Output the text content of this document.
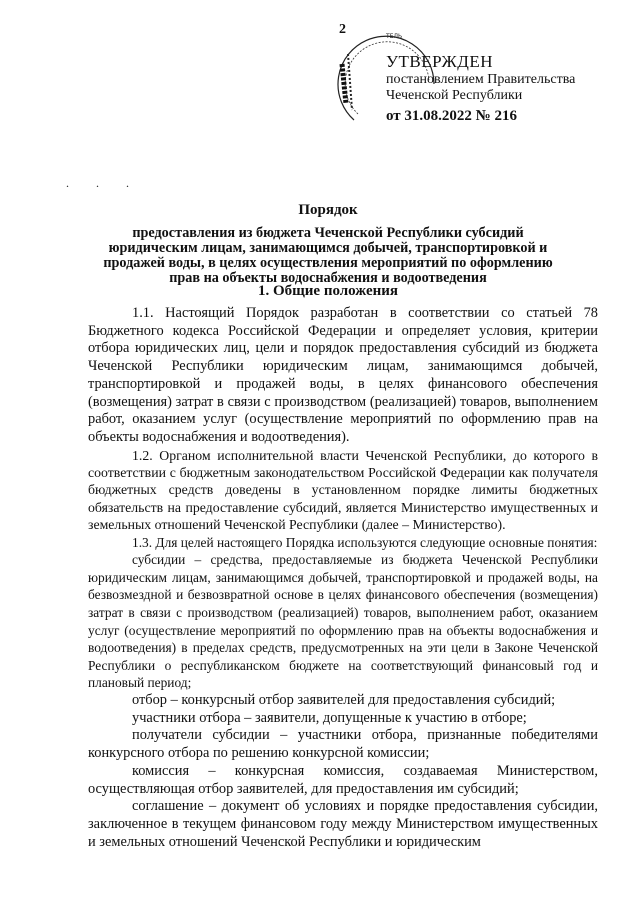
2	ТЕЛЬ
УТВЕРЖДЕН
постановлением Правительства
Чеченской Республики
от 31.08.2022 № 216
. . .
Порядок
предоставления из бюджета Чеченской Республики субсидий юридическим лицам, занимающимся добычей, транспортировкой и продажей воды, в целях осуществления мероприятий по оформлению прав на объекты водоснабжения и водоотведения
1. Общие положения

1.1. Настоящий Порядок разработан в соответствии со статьей 78 Бюджетного кодекса Российской Федерации и определяет условия, критерии отбора юридических лиц, цели и порядок предоставления субсидий из бюджета Чеченской Республики юридическим лицам, занимающимся добычей, транспортировкой и продажей воды, в целях финансового обеспечения (возмещения) затрат в связи с производством (реализацией) товаров, выполнением работ, оказанием услуг (осуществление мероприятий по оформлению прав на объекты водоснабжения и водоотведения).

1.2. Органом исполнительной власти Чеченской Республики, до которого в соответствии с бюджетным законодательством Российской Федерации как получателя бюджетных средств доведены в установленном порядке лимиты бюджетных обязательств на предоставление субсидий, является Министерство имущественных и земельных отношений Чеченской Республики (далее – Министерство).

1.3. Для целей настоящего Порядка используются следующие основные понятия:

субсидии – средства, предоставляемые из бюджета Чеченской Республики юридическим лицам, занимающимся добычей, транспортировкой и продажей воды, на безвозмездной и безвозвратной основе в целях финансового обеспечения (возмещения) затрат в связи с производством (реализацией) товаров, выполнением работ, оказанием услуг (осуществление мероприятий по оформлению прав на объекты водоснабжения и водоотведения) в пределах средств, предусмотренных на эти цели в Законе Чеченской Республики о республиканском бюджете на соответствующий финансовый год и плановый период;

отбор – конкурсный отбор заявителей для предоставления субсидий;

участники отбора – заявители, допущенные к участию в отборе;

получатели субсидии – участники отбора, признанные победителями конкурсного отбора по решению конкурсной комиссии;

комиссия – конкурсная комиссия, создаваемая Министерством, осуществляющая отбор заявителей, для предоставления им субсидий;

соглашение – документ об условиях и порядке предоставления субсидии, заключенное в текущем финансовом году между Министерством имущественных и земельных отношений Чеченской Республики и юридическим
